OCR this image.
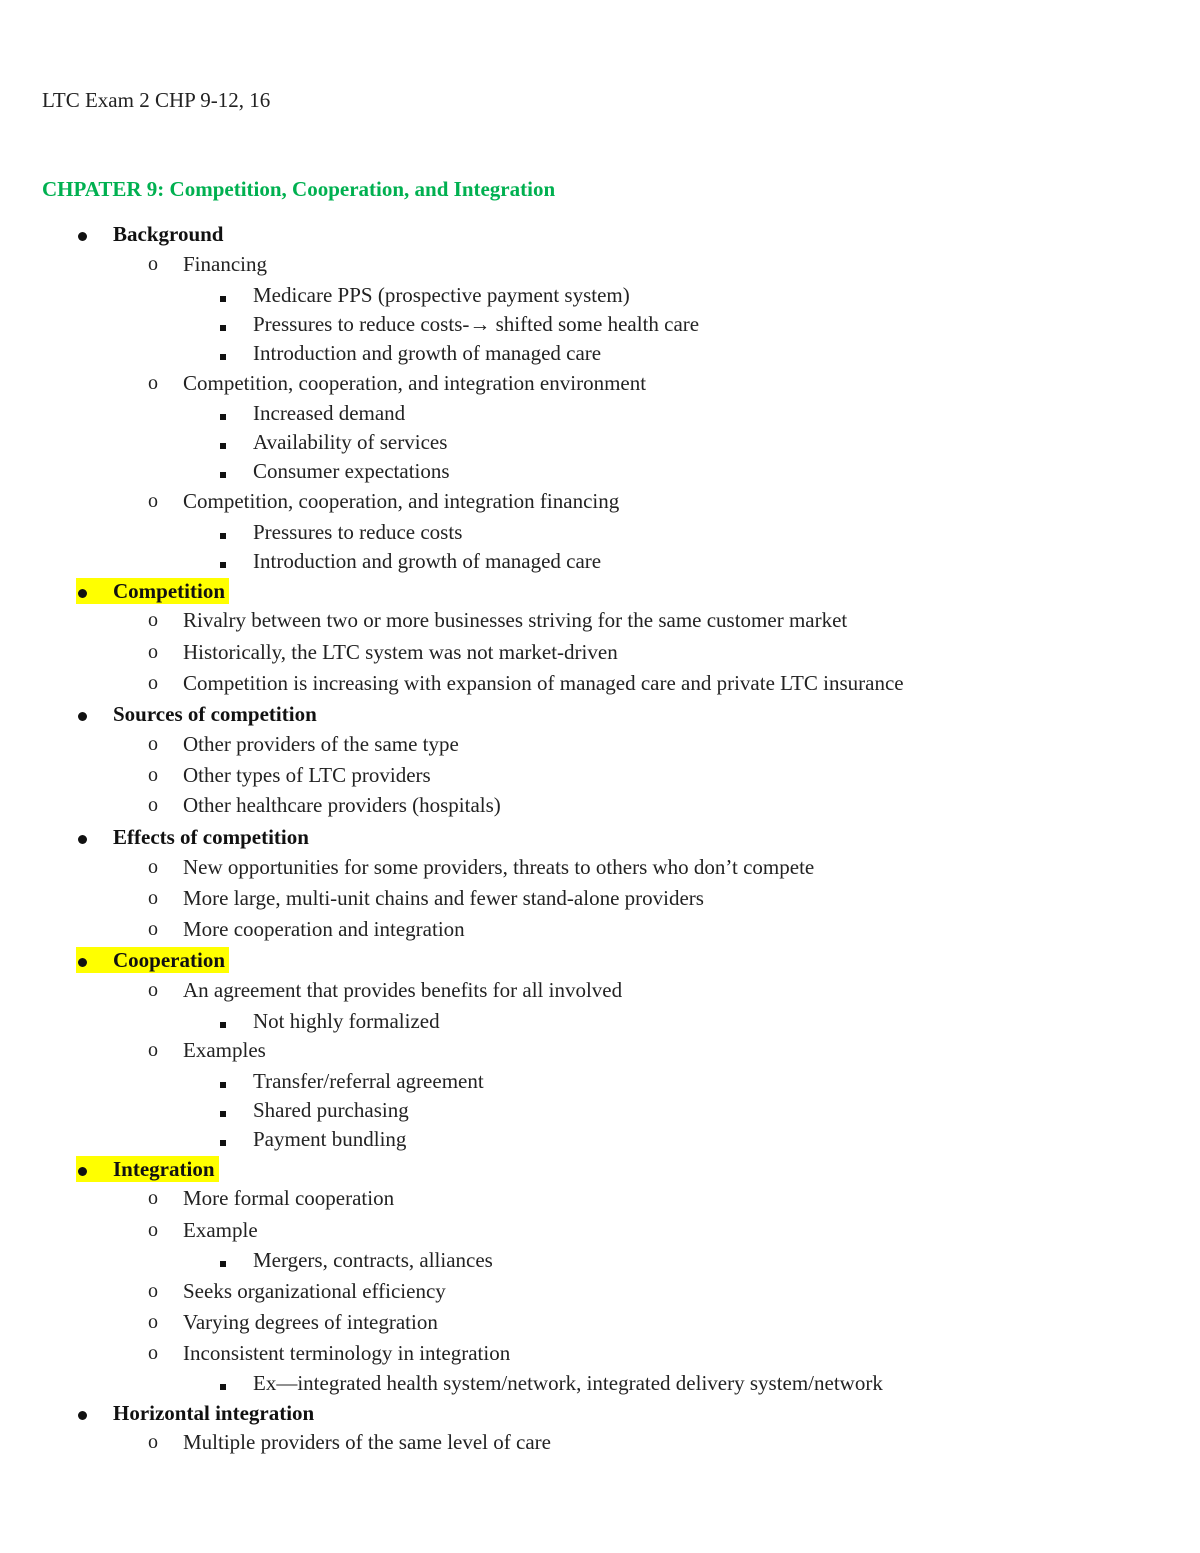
LTC Exam 2 CHP 9-12, 16
CHPATER 9: Competition, Cooperation, and Integration
Background
o Financing
Medicare PPS (prospective payment system)
Pressures to reduce costs-→ shifted some health care
Introduction and growth of managed care
o Competition, cooperation, and integration environment
Increased demand
Availability of services
Consumer expectations
o Competition, cooperation, and integration financing
Pressures to reduce costs
Introduction and growth of managed care
Competition
o Rivalry between two or more businesses striving for the same customer market
o Historically, the LTC system was not market-driven
o Competition is increasing with expansion of managed care and private LTC insurance
Sources of competition
o Other providers of the same type
o Other types of LTC providers
o Other healthcare providers (hospitals)
Effects of competition
o New opportunities for some providers, threats to others who don’t compete
o More large, multi-unit chains and fewer stand-alone providers
o More cooperation and integration
Cooperation
o An agreement that provides benefits for all involved
Not highly formalized
o Examples
Transfer/referral agreement
Shared purchasing
Payment bundling
Integration
o More formal cooperation
o Example
Mergers, contracts, alliances
o Seeks organizational efficiency
o Varying degrees of integration
o Inconsistent terminology in integration
Ex—integrated health system/network, integrated delivery system/network
Horizontal integration
o Multiple providers of the same level of care
